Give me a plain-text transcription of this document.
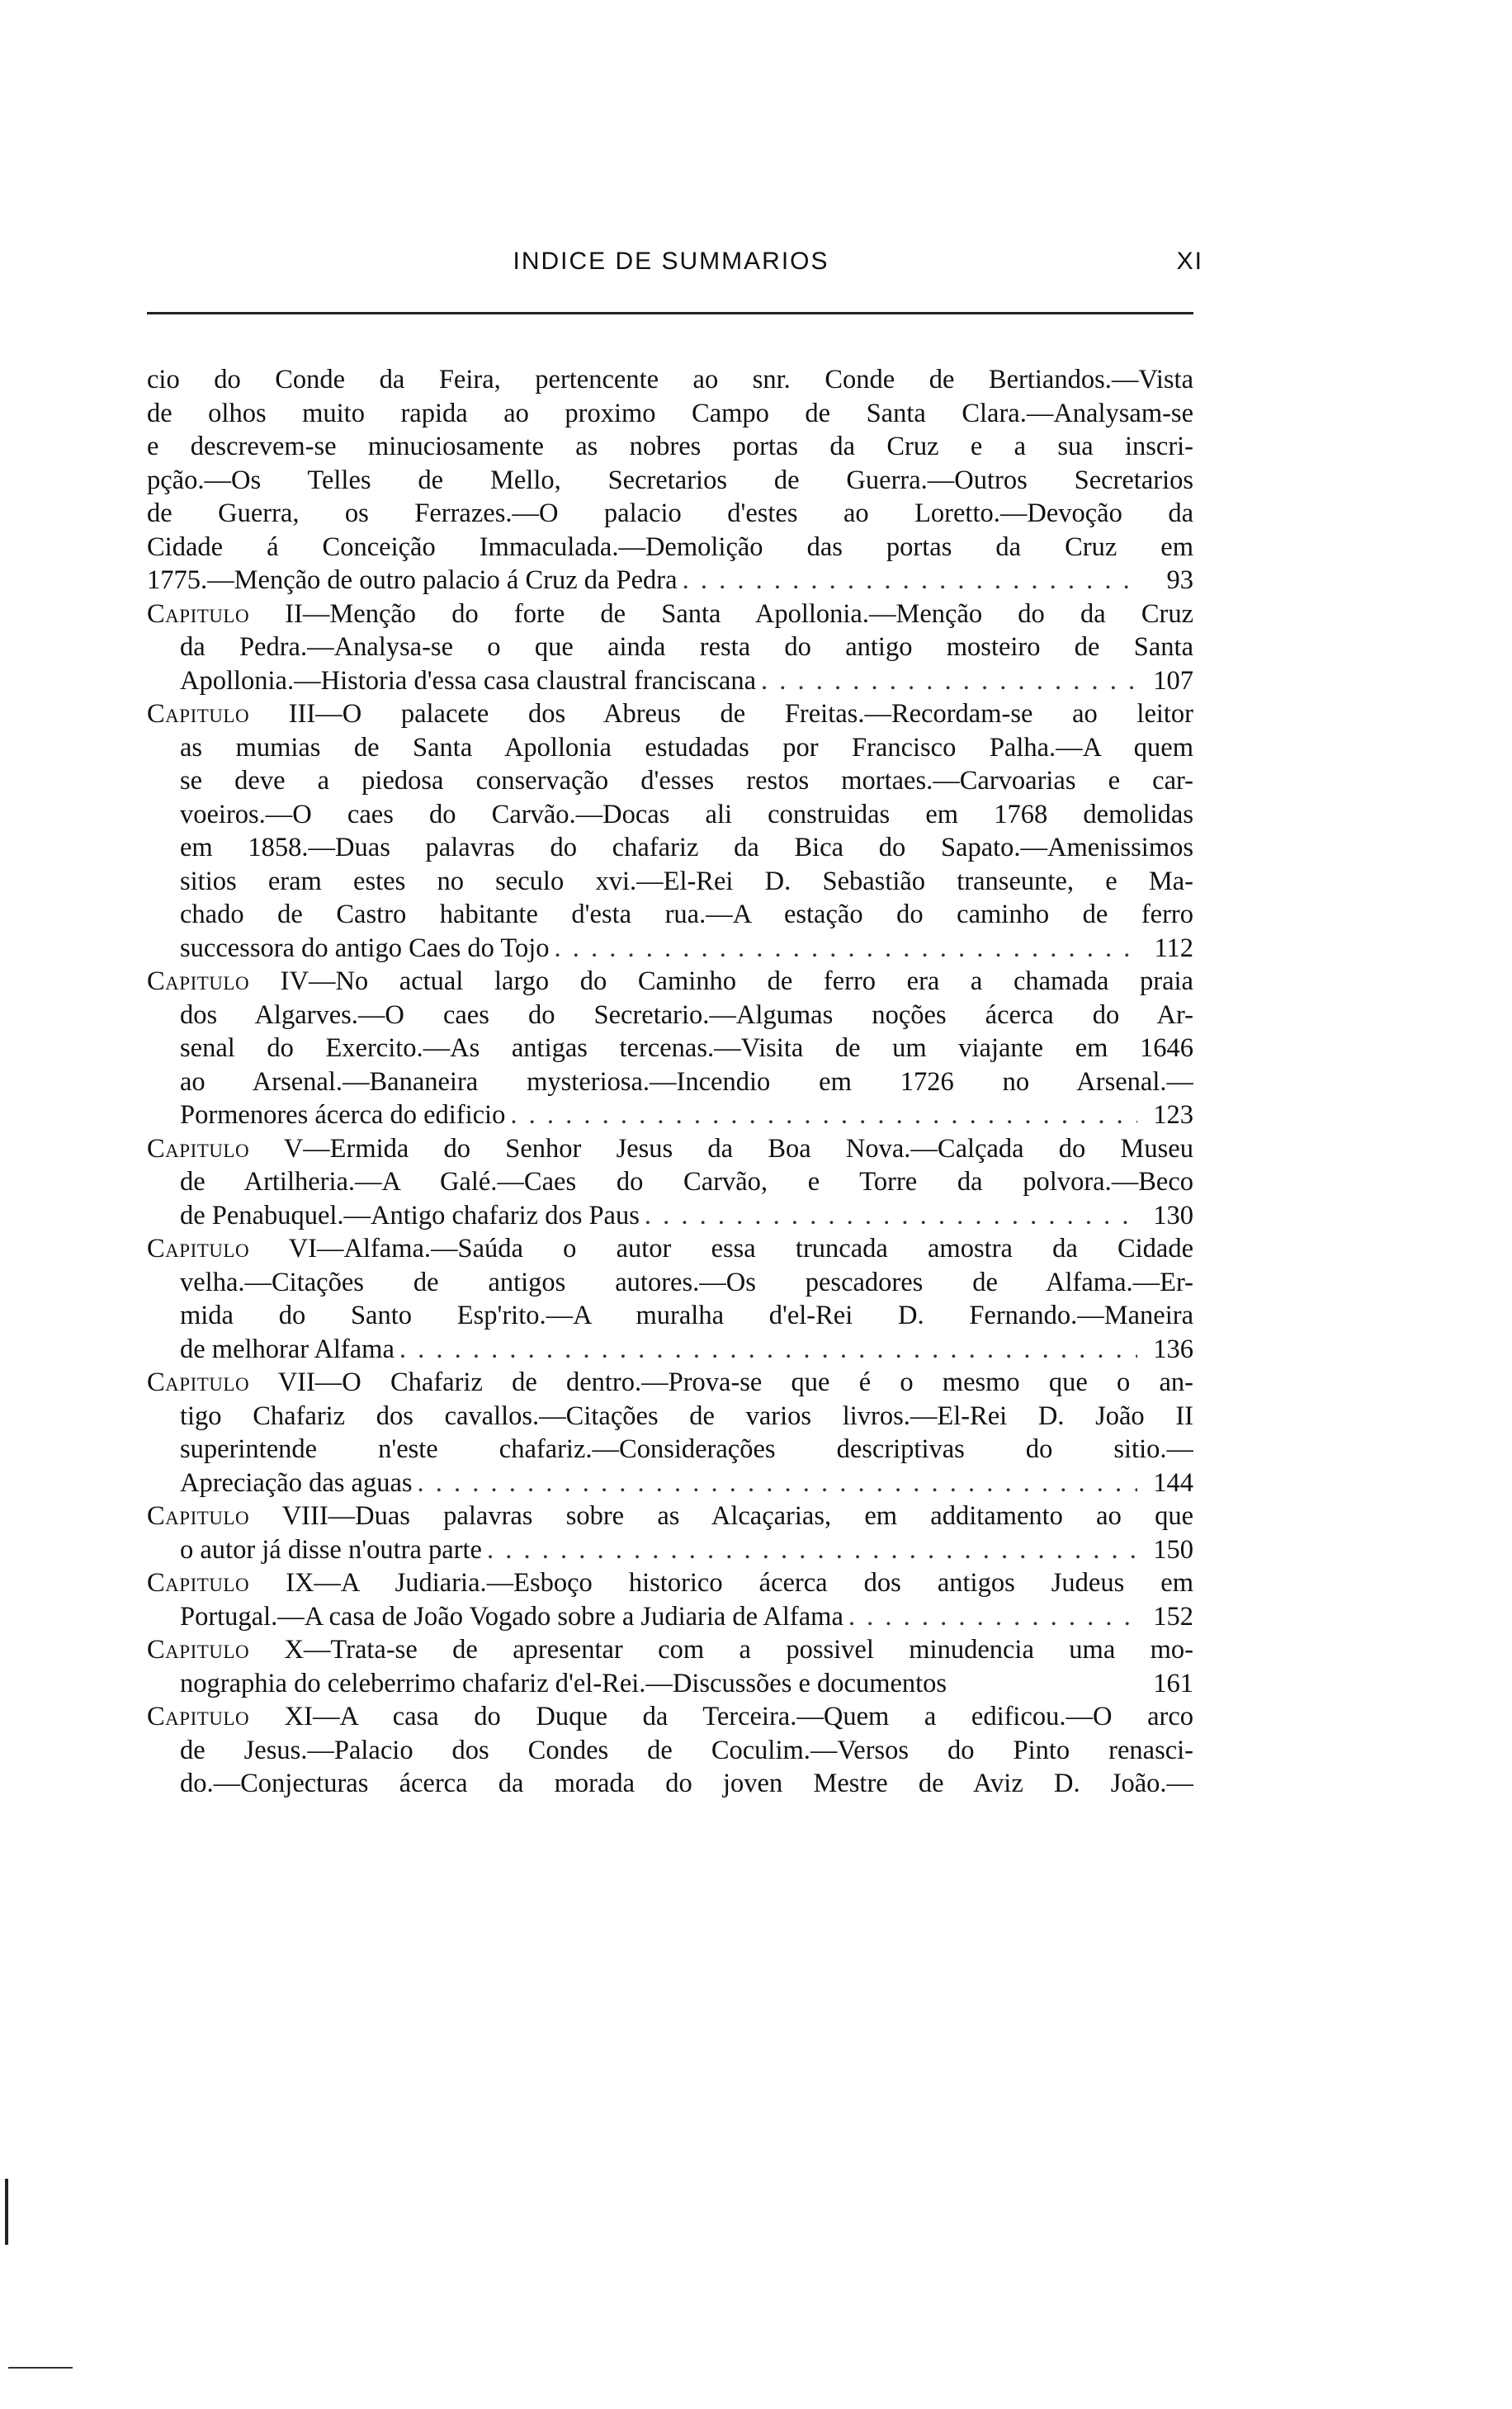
INDICE DE SUMMARIOS	XI
cio do Conde da Feira, pertencente ao snr. Conde de Bertiandos.—Vista
de olhos muito rapida ao proximo Campo de Santa Clara.—Analysam-se
e descrevem-se minuciosamente as nobres portas da Cruz e a sua inscri-
pção.—Os Telles de Mello, Secretarios de Guerra.—Outros Secretarios
de Guerra, os Ferrazes.—O palacio d'estes ao Loretto.—Devoção da
Cidade á Conceição Immaculada.—Demolição das portas da Cruz em
1775.—Menção de outro palacio á Cruz da Pedra . . .	93
Capitulo II—Menção do forte de Santa Apollonia.—Menção do da Cruz
da Pedra.—Analysa-se o que ainda resta do antigo mosteiro de Santa
Apollonia.—Historia d'essa casa claustral franciscana . . .	107
Capitulo III—O palacete dos Abreus de Freitas.—Recordam-se ao leitor
as mumias de Santa Apollonia estudadas por Francisco Palha.—A quem
se deve a piedosa conservação d'esses restos mortaes.—Carvoarias e car-
voeiros.—O caes do Carvão.—Docas ali construidas em 1768 demolidas
em 1858.—Duas palavras do chafariz da Bica do Sapato.—Amenissimos
sitios eram estes no seculo xvi.—El-Rei D. Sebastião transeunte, e Ma-
chado de Castro habitante d'esta rua.—A estação do caminho de ferro
successora do antigo Caes do Tojo . . .	112
Capitulo IV—No actual largo do Caminho de ferro era a chamada praia
dos Algarves.—O caes do Secretario.—Algumas noções ácerca do Ar-
senal do Exercito.—As antigas tercenas.—Visita de um viajante em 1646
ao Arsenal.—Bananeira mysteriosa.—Incendio em 1726 no Arsenal.—
Pormenores ácerca do edificio . . .	123
Capitulo V—Ermida do Senhor Jesus da Boa Nova.—Calçada do Museu
de Artilheria.—A Galé.—Caes do Carvão, e Torre da polvora.—Beco
de Penabuquel.—Antigo chafariz dos Paus . . .	130
Capitulo VI—Alfama.—Saúda o autor essa truncada amostra da Cidade
velha.—Citações de antigos autores.—Os pescadores de Alfama.—Er-
mida do Santo Esp'rito.—A muralha d'el-Rei D. Fernando.—Maneira
de melhorar Alfama . . .	136
Capitulo VII—O Chafariz de dentro.—Prova-se que é o mesmo que o an-
tigo Chafariz dos cavallos.—Citações de varios livros.—El-Rei D. João II
superintende n'este chafariz.—Considerações descriptivas do sitio.—
Apreciação das aguas . . .	144
Capitulo VIII—Duas palavras sobre as Alcaçarias, em additamento ao que
o autor já disse n'outra parte . . .	150
Capitulo IX—A Judiaria.—Esboço historico ácerca dos antigos Judeus em
Portugal.—A casa de João Vogado sobre a Judiaria de Alfama . . .	152
Capitulo X—Trata-se de apresentar com a possivel minudencia uma mo-
nographia do celeberrimo chafariz d'el-Rei.—Discussões e documentos	161
Capitulo XI—A casa do Duque da Terceira.—Quem a edificou.—O arco
de Jesus.—Palacio dos Condes de Coculim.—Versos do Pinto renasci-
do.—Conjecturas ácerca da morada do joven Mestre de Aviz D. João.—
